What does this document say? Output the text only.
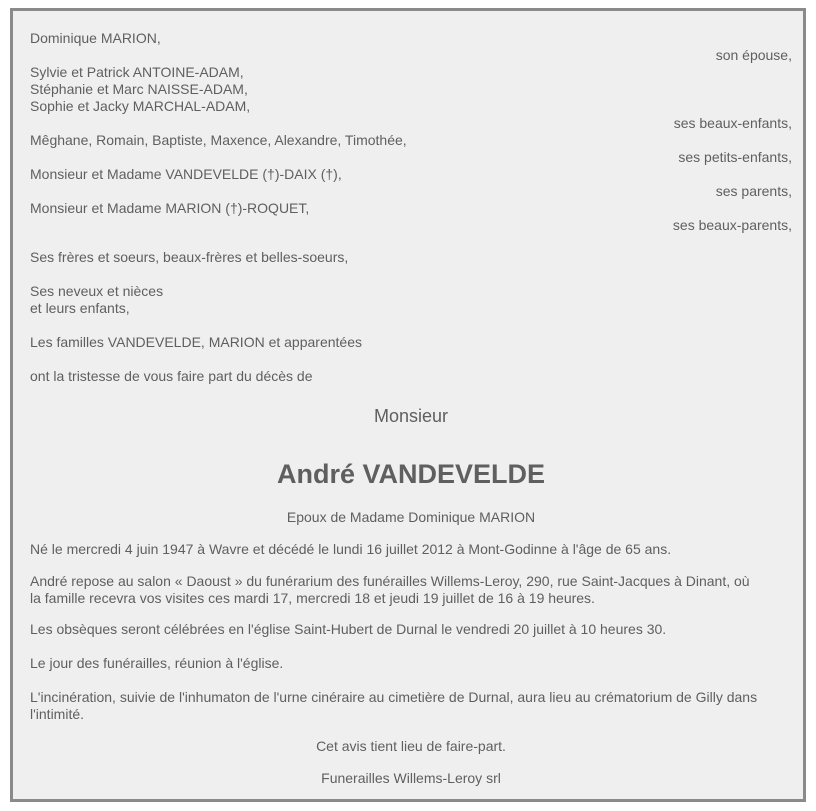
Dominique MARION,
son épouse,
Sylvie et Patrick ANTOINE-ADAM,
Stéphanie et Marc NAISSE-ADAM,
Sophie et Jacky MARCHAL-ADAM,
ses beaux-enfants,
Mêghane, Romain, Baptiste, Maxence, Alexandre, Timothée,
ses petits-enfants,
Monsieur et Madame VANDEVELDE (†)-DAIX (†),
ses parents,
Monsieur et Madame MARION (†)-ROQUET,
ses beaux-parents,
Ses frères et soeurs, beaux-frères et belles-soeurs,
Ses neveux et nièces
et leurs enfants,
Les familles VANDEVELDE, MARION et apparentées
ont la tristesse de vous faire part du décès de
Monsieur
André VANDEVELDE
Epoux de Madame Dominique MARION
Né le mercredi 4 juin 1947 à Wavre et décédé le lundi 16 juillet 2012 à Mont-Godinne à l'âge de 65 ans.
André repose au salon « Daoust » du funérarium des funérailles Willems-Leroy, 290, rue Saint-Jacques à Dinant, où
la famille recevra vos visites ces mardi 17, mercredi 18 et jeudi 19 juillet de 16 à 19 heures.
Les obsèques seront célébrées en l'église Saint-Hubert de Durnal le vendredi 20 juillet à 10 heures 30.
Le jour des funérailles, réunion à l'église.
L'incinération, suivie de l'inhumaton de l'urne cinéraire au cimetière de Durnal, aura lieu au crématorium de Gilly dans
l'intimité.
Cet avis tient lieu de faire-part.
Funerailles Willems-Leroy srl
